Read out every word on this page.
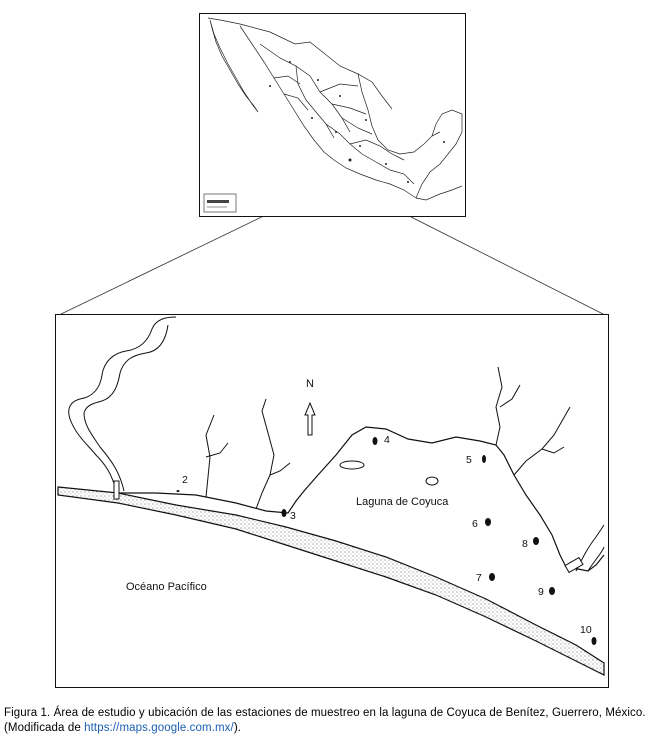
N
Laguna de Coyuca
Océano Pacífico
2
3
4
5
6
7
8
9
10
Figura 1. Área de estudio y ubicación de las estaciones de muestreo en la laguna de Coyuca de Benítez, Guerrero, México.
(Modificada de https://maps.google.com.mx/).
